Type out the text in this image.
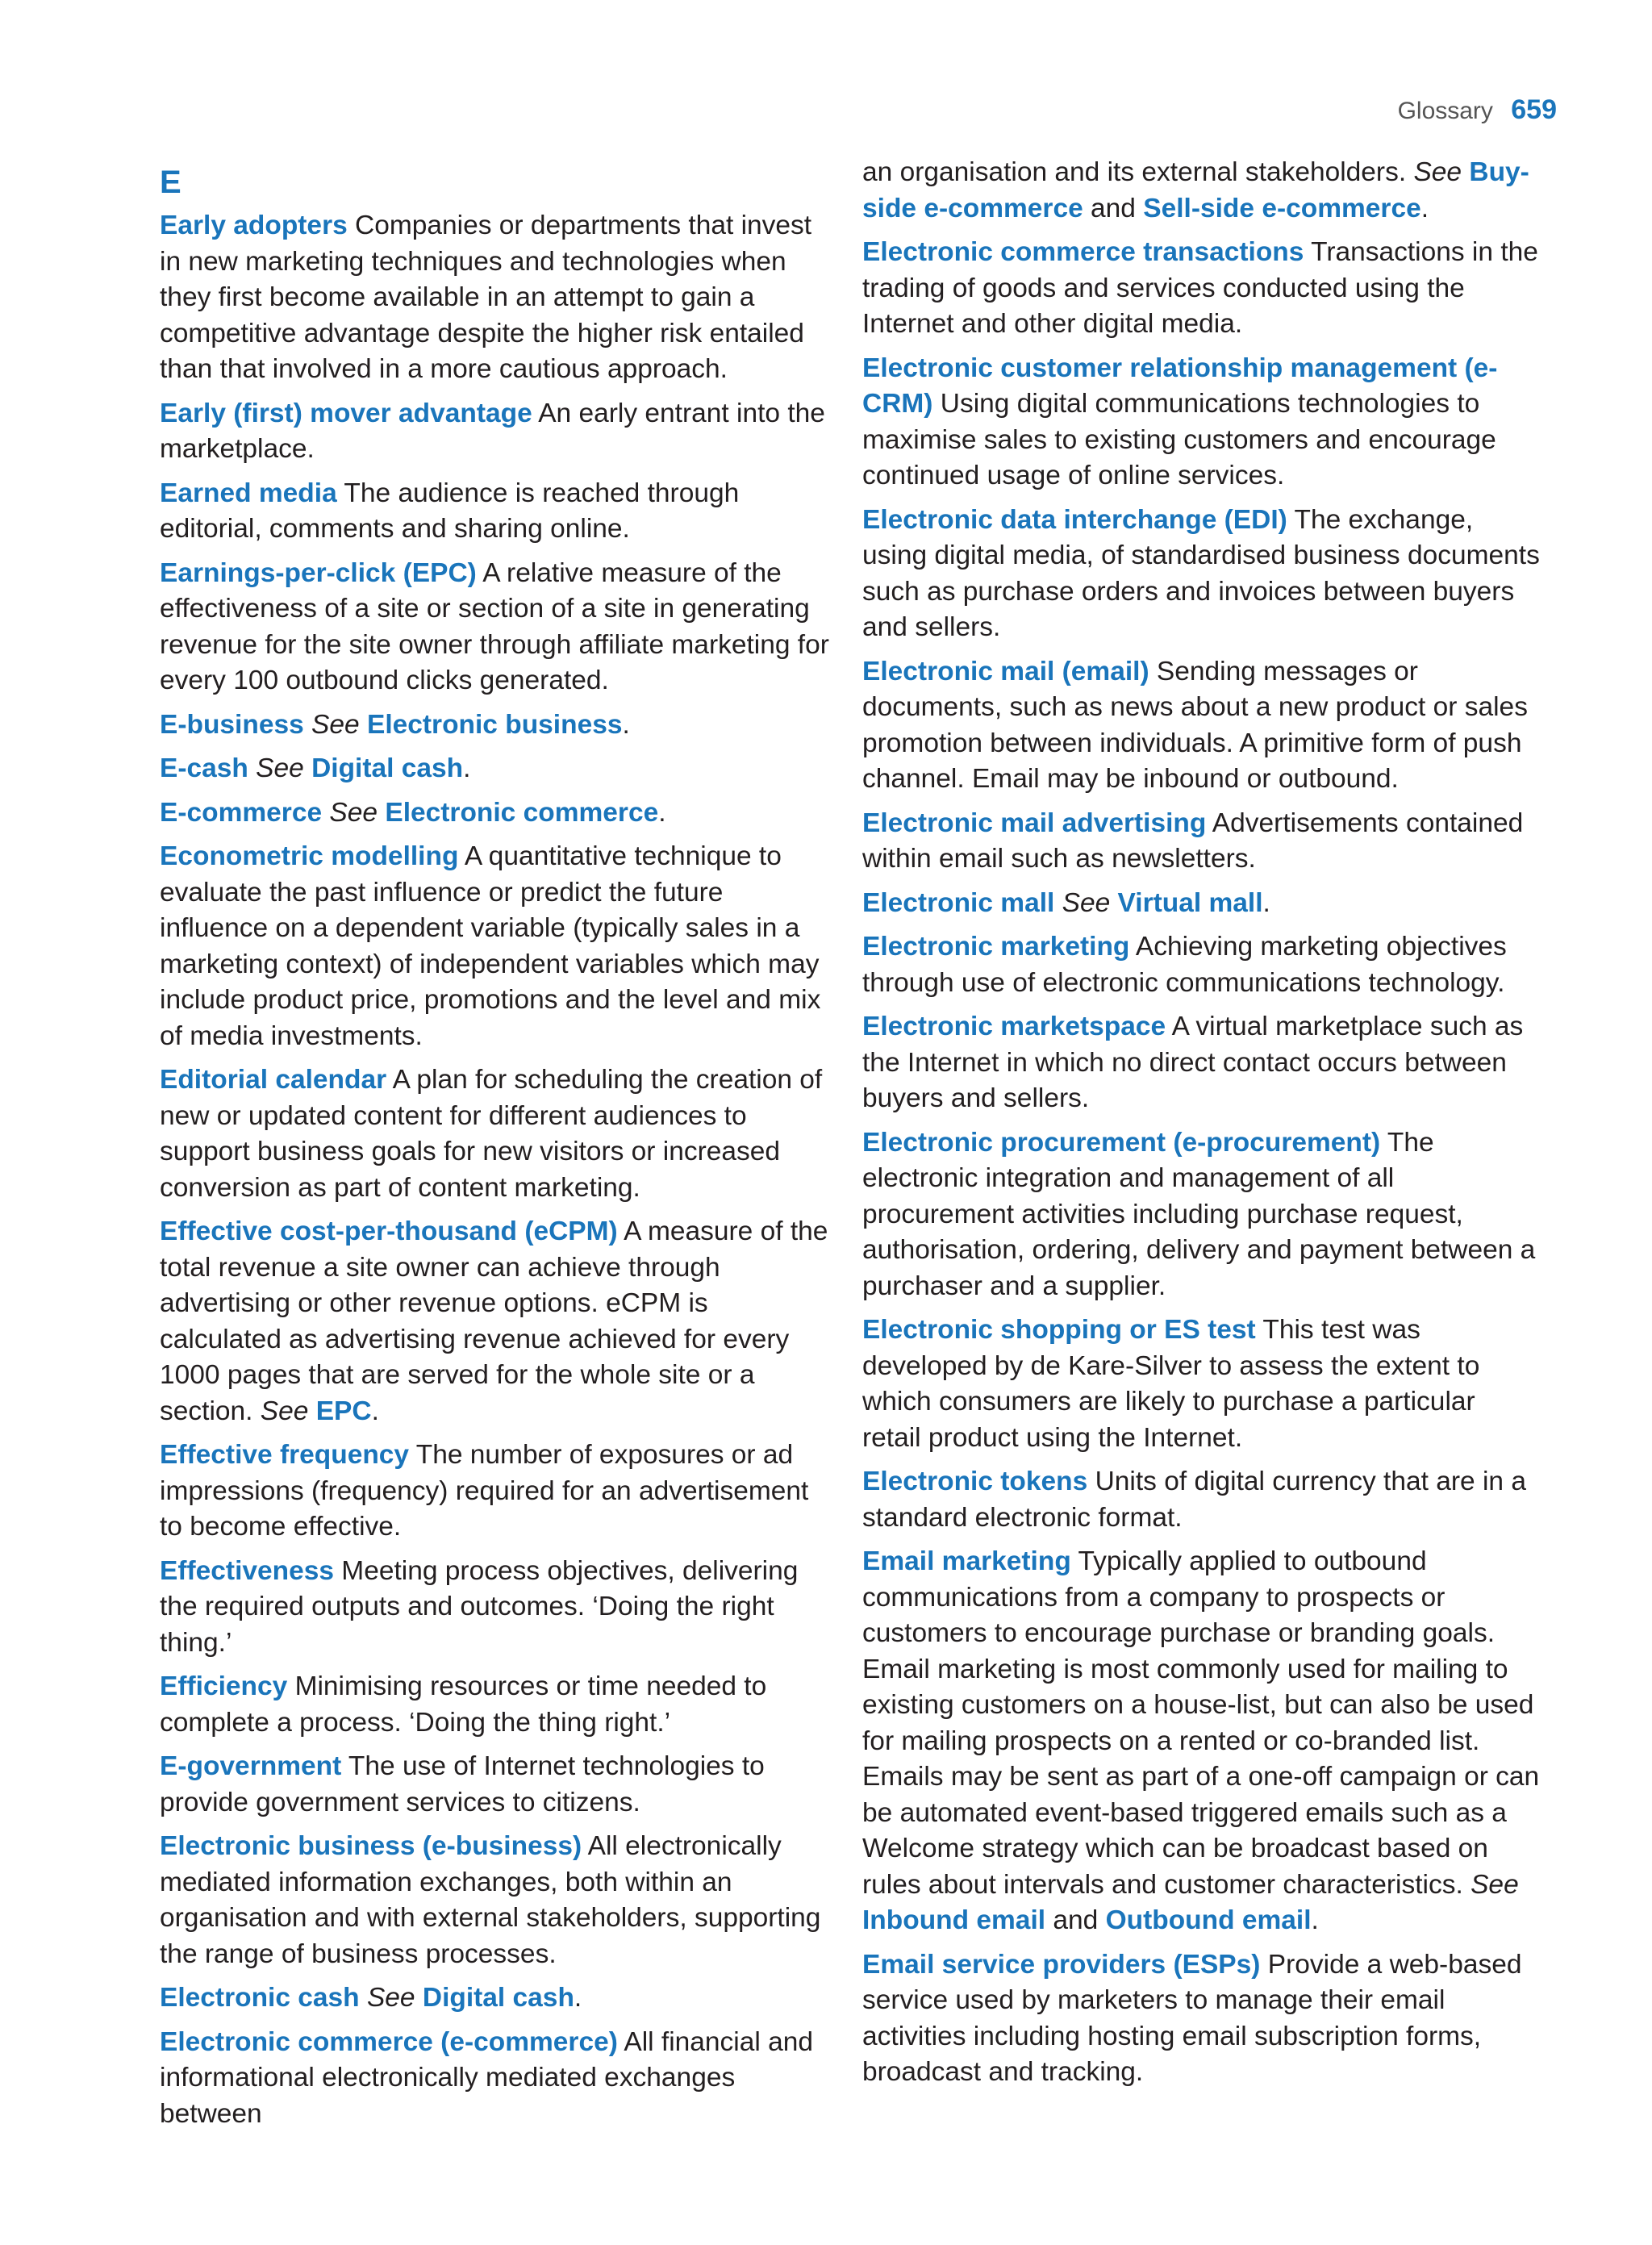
Glossary 659
E

Early adopters Companies or departments that invest in new marketing techniques and technologies when they first become available in an attempt to gain a competitive advantage despite the higher risk entailed than that involved in a more cautious approach.

Early (first) mover advantage An early entrant into the marketplace.

Earned media The audience is reached through editorial, comments and sharing online.

Earnings-per-click (EPC) A relative measure of the effectiveness of a site or section of a site in generating revenue for the site owner through affiliate marketing for every 100 outbound clicks generated.

E-business See Electronic business.

E-cash See Digital cash.

E-commerce See Electronic commerce.

Econometric modelling A quantitative technique to evaluate the past influence or predict the future influence on a dependent variable (typically sales in a marketing context) of independent variables which may include product price, promotions and the level and mix of media investments.

Editorial calendar A plan for scheduling the creation of new or updated content for different audiences to support business goals for new visitors or increased conversion as part of content marketing.

Effective cost-per-thousand (eCPM) A measure of the total revenue a site owner can achieve through advertising or other revenue options. eCPM is calculated as advertising revenue achieved for every 1000 pages that are served for the whole site or a section. See EPC.

Effective frequency The number of exposures or ad impressions (frequency) required for an advertisement to become effective.

Effectiveness Meeting process objectives, delivering the required outputs and outcomes. ‘Doing the right thing.’

Efficiency Minimising resources or time needed to complete a process. ‘Doing the thing right.’

E-government The use of Internet technologies to provide government services to citizens.

Electronic business (e-business) All electronically mediated information exchanges, both within an organisation and with external stakeholders, supporting the range of business processes.

Electronic cash See Digital cash.

Electronic commerce (e-commerce) All financial and informational electronically mediated exchanges between

an organisation and its external stakeholders. See Buy-side e-commerce and Sell-side e-commerce.

Electronic commerce transactions Transactions in the trading of goods and services conducted using the Internet and other digital media.

Electronic customer relationship management (e-CRM) Using digital communications technologies to maximise sales to existing customers and encourage continued usage of online services.

Electronic data interchange (EDI) The exchange, using digital media, of standardised business documents such as purchase orders and invoices between buyers and sellers.

Electronic mail (email) Sending messages or documents, such as news about a new product or sales promotion between individuals. A primitive form of push channel. Email may be inbound or outbound.

Electronic mail advertising Advertisements contained within email such as newsletters.

Electronic mall See Virtual mall.

Electronic marketing Achieving marketing objectives through use of electronic communications technology.

Electronic marketspace A virtual marketplace such as the Internet in which no direct contact occurs between buyers and sellers.

Electronic procurement (e-procurement) The electronic integration and management of all procurement activities including purchase request, authorisation, ordering, delivery and payment between a purchaser and a supplier.

Electronic shopping or ES test This test was developed by de Kare-Silver to assess the extent to which consumers are likely to purchase a particular retail product using the Internet.

Electronic tokens Units of digital currency that are in a standard electronic format.

Email marketing Typically applied to outbound communications from a company to prospects or customers to encourage purchase or branding goals. Email marketing is most commonly used for mailing to existing customers on a house-list, but can also be used for mailing prospects on a rented or co-branded list. Emails may be sent as part of a one-off campaign or can be automated event-based triggered emails such as a Welcome strategy which can be broadcast based on rules about intervals and customer characteristics. See Inbound email and Outbound email.

Email service providers (ESPs) Provide a web-based service used by marketers to manage their email activities including hosting email subscription forms, broadcast and tracking.
